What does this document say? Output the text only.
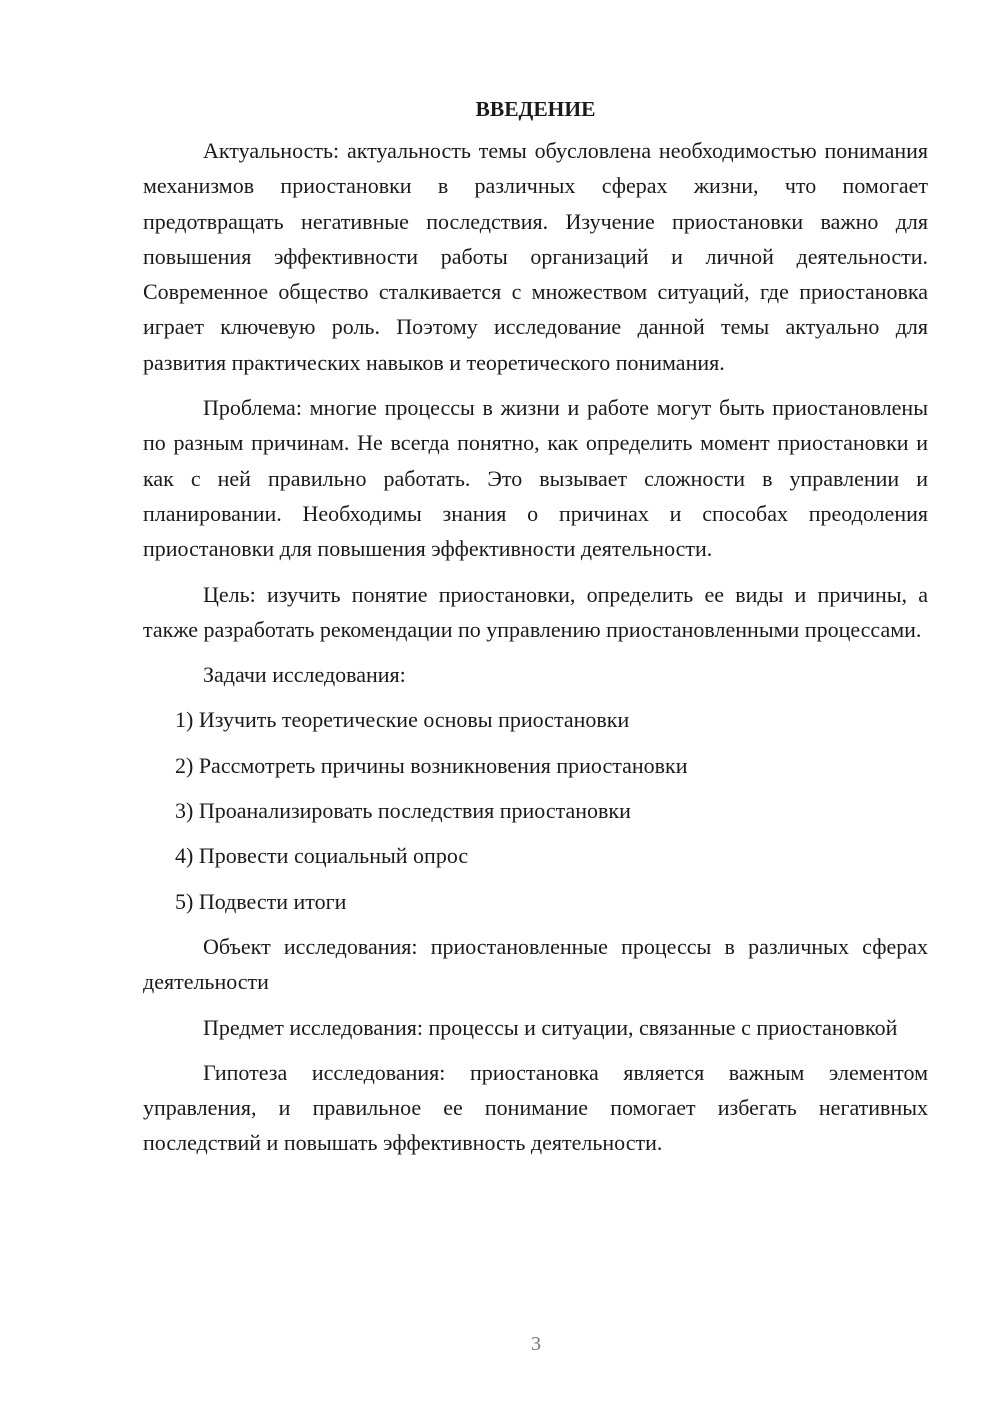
ВВЕДЕНИЕ

Актуальность: актуальность темы обусловлена необходимостью понимания механизмов приостановки в различных сферах жизни, что помогает предотвращать негативные последствия. Изучение приостановки важно для повышения эффективности работы организаций и личной деятельности. Современное общество сталкивается с множеством ситуаций, где приостановка играет ключевую роль. Поэтому исследование данной темы актуально для развития практических навыков и теоретического понимания.

Проблема: многие процессы в жизни и работе могут быть приостановлены по разным причинам. Не всегда понятно, как определить момент приостановки и как с ней правильно работать. Это вызывает сложности в управлении и планировании. Необходимы знания о причинах и способах преодоления приостановки для повышения эффективности деятельности.

Цель: изучить понятие приостановки, определить ее виды и причины, а также разработать рекомендации по управлению приостановленными процессами.

Задачи исследования:

1) Изучить теоретические основы приостановки
2) Рассмотреть причины возникновения приостановки
3) Проанализировать последствия приостановки
4) Провести социальный опрос
5) Подвести итоги

Объект исследования: приостановленные процессы в различных сферах деятельности

Предмет исследования: процессы и ситуации, связанные с приостановкой

Гипотеза исследования: приостановка является важным элементом управления, и правильное ее понимание помогает избегать негативных последствий и повышать эффективность деятельности.

3
